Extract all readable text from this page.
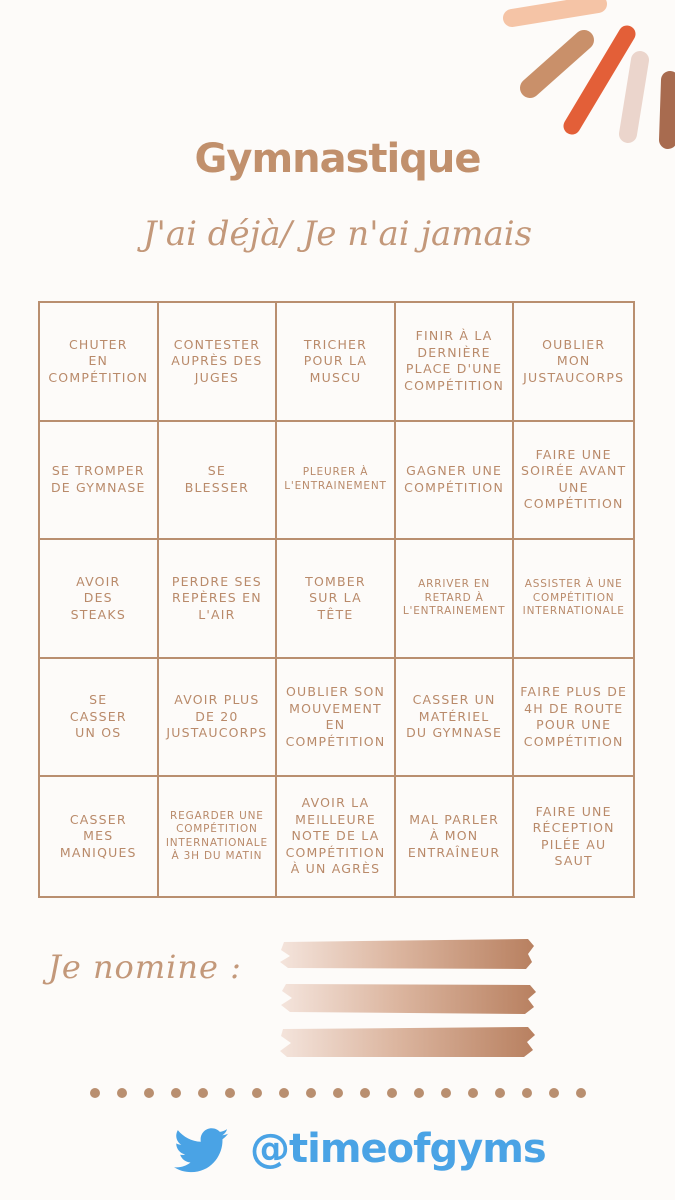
Gymnastique
J'ai déjà/ Je n'ai jamais
CHUTER
EN
COMPÉTITION
CONTESTER
AUPRÈS DES
JUGES
TRICHER
POUR LA
MUSCU
FINIR À LA
DERNIÈRE
PLACE D'UNE
COMPÉTITION
OUBLIER
MON
JUSTAUCORPS
SE TROMPER
DE GYMNASE
SE
BLESSER
PLEURER À
L'ENTRAINEMENT
GAGNER UNE
COMPÉTITION
FAIRE UNE
SOIRÉE AVANT
UNE
COMPÉTITION
AVOIR
DES
STEAKS
PERDRE SES
REPÈRES EN
L'AIR
TOMBER
SUR LA
TÊTE
ARRIVER EN
RETARD À
L'ENTRAINEMENT
ASSISTER À UNE
COMPÉTITION
INTERNATIONALE
SE
CASSER
UN OS
AVOIR PLUS
DE 20
JUSTAUCORPS
OUBLIER SON
MOUVEMENT
EN
COMPÉTITION
CASSER UN
MATÉRIEL
DU GYMNASE
FAIRE PLUS DE
4H DE ROUTE
POUR UNE
COMPÉTITION
CASSER
MES
MANIQUES
REGARDER UNE
COMPÉTITION
INTERNATIONALE
À 3H DU MATIN
AVOIR LA
MEILLEURE
NOTE DE LA
COMPÉTITION
À UN AGRÈS
MAL PARLER
À MON
ENTRAÎNEUR
FAIRE UNE
RÉCEPTION
PILÉE AU
SAUT
Je nomine :
@timeofgyms
